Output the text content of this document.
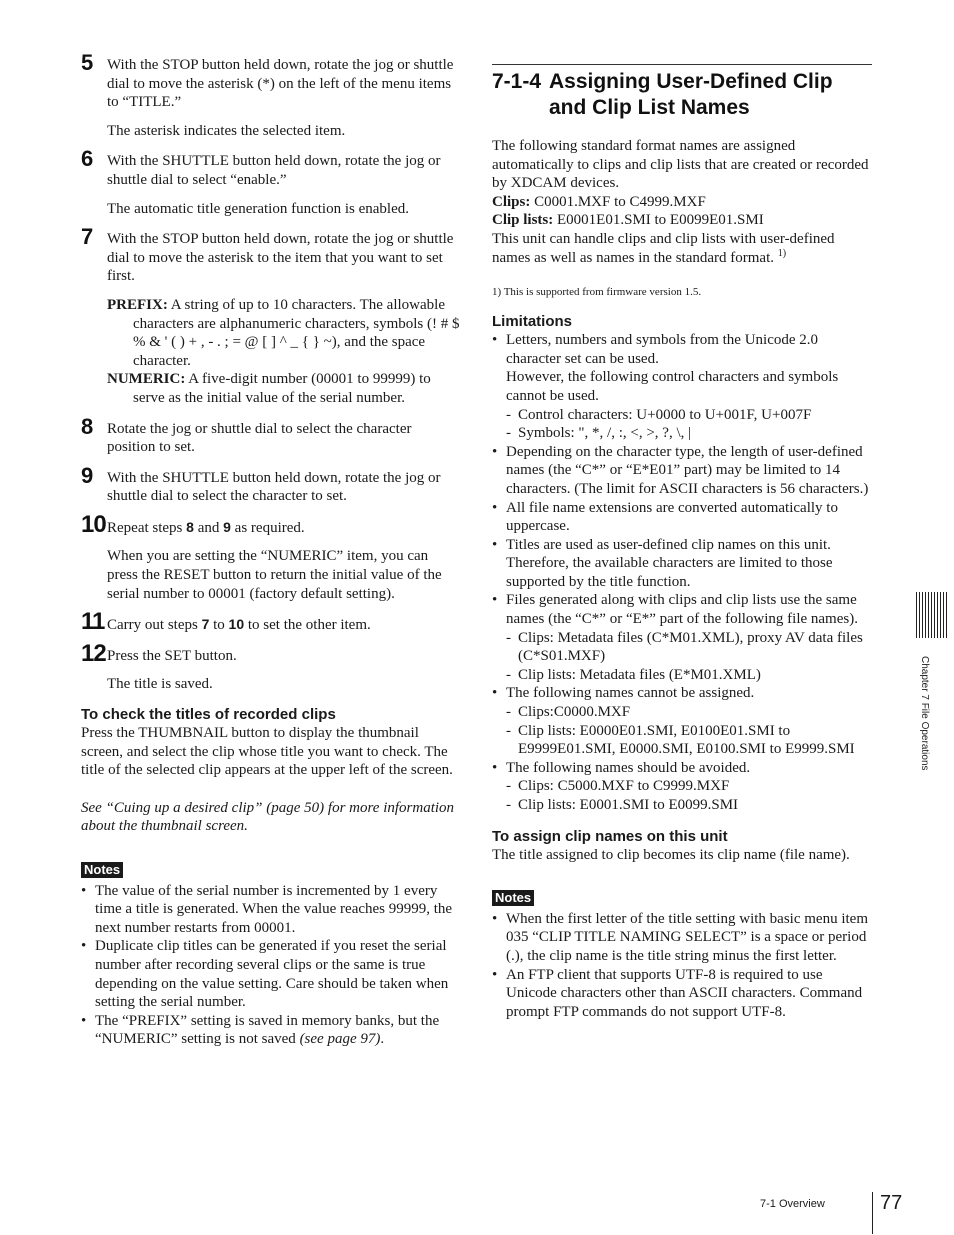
5 With the STOP button held down, rotate the jog or shuttle dial to move the asterisk (*) on the left of the menu items to “TITLE.”

The asterisk indicates the selected item.

6 With the SHUTTLE button held down, rotate the jog or shuttle dial to select “enable.”

The automatic title generation function is enabled.

7 With the STOP button held down, rotate the jog or shuttle dial to move the asterisk to the item that you want to set first.

PREFIX: A string of up to 10 characters. The allowable characters are alphanumeric characters, symbols (! # $ % & ' ( ) + , - . ; = @ [ ] ^ _ { } ~), and the space character.

NUMERIC: A five-digit number (00001 to 99999) to serve as the initial value of the serial number.

8 Rotate the jog or shuttle dial to select the character position to set.

9 With the SHUTTLE button held down, rotate the jog or shuttle dial to select the character to set.

10 Repeat steps 8 and 9 as required.

When you are setting the “NUMERIC” item, you can press the RESET button to return the initial value of the serial number to 00001 (factory default setting).

11 Carry out steps 7 to 10 to set the other item.

12 Press the SET button.

The title is saved.

To check the titles of recorded clips

Press the THUMBNAIL button to display the thumbnail screen, and select the clip whose title you want to check. The title of the selected clip appears at the upper left of the screen.

See “Cuing up a desired clip” (page 50) for more information about the thumbnail screen.

Notes
• The value of the serial number is incremented by 1 every time a title is generated. When the value reaches 99999, the next number restarts from 00001.
• Duplicate clip titles can be generated if you reset the serial number after recording several clips or the same is true depending on the value setting. Care should be taken when setting the serial number.
• The “PREFIX” setting is saved in memory banks, but the “NUMERIC” setting is not saved (see page 97).
7-1-4 Assigning User-Defined Clip and Clip List Names

The following standard format names are assigned automatically to clips and clip lists that are created or recorded by XDCAM devices.

Clips: C0001.MXF to C4999.MXF

Clip lists: E0001E01.SMI to E0099E01.SMI

This unit can handle clips and clip lists with user-defined names as well as names in the standard format. $^{1)}$

1) This is supported from firmware version 1.5.

Limitations
• Letters, numbers and symbols from the Unicode 2.0 character set can be used.
However, the following control characters and symbols cannot be used.
- Control characters: U+0000 to U+001F, U+007F
- Symbols: ", *, /, :, <, >, ?, \, |
• Depending on the character type, the length of user-defined names (the “C*” or “E*E01” part) may be limited to 14 characters. (The limit for ASCII characters is 56 characters.)
• All file name extensions are converted automatically to uppercase.
• Titles are used as user-defined clip names on this unit. Therefore, the available characters are limited to those supported by the title function.
• Files generated along with clips and clip lists use the same names (the “C*” or “E*” part of the following file names).
- Clips: Metadata files (C*M01.XML), proxy AV data files (C*S01.MXF)
- Clip lists: Metadata files (E*M01.XML)
• The following names cannot be assigned.
- Clips:C0000.MXF
- Clip lists: E0000E01.SMI, E0100E01.SMI to E9999E01.SMI, E0000.SMI, E0100.SMI to E9999.SMI
• The following names should be avoided.
- Clips: C5000.MXF to C9999.MXF
- Clip lists: E0001.SMI to E0099.SMI
To assign clip names on this unit

The title assigned to clip becomes its clip name (file name).

Notes
• When the first letter of the title setting with basic menu item 035 “CLIP TITLE NAMING SELECT” is a space or period (.), the clip name is the title string minus the first letter.
• An FTP client that supports UTF-8 is required to use Unicode characters other than ASCII characters. Command prompt FTP commands do not support UTF-8.
Chapter 7 File Operations
7-1 Overview	77
